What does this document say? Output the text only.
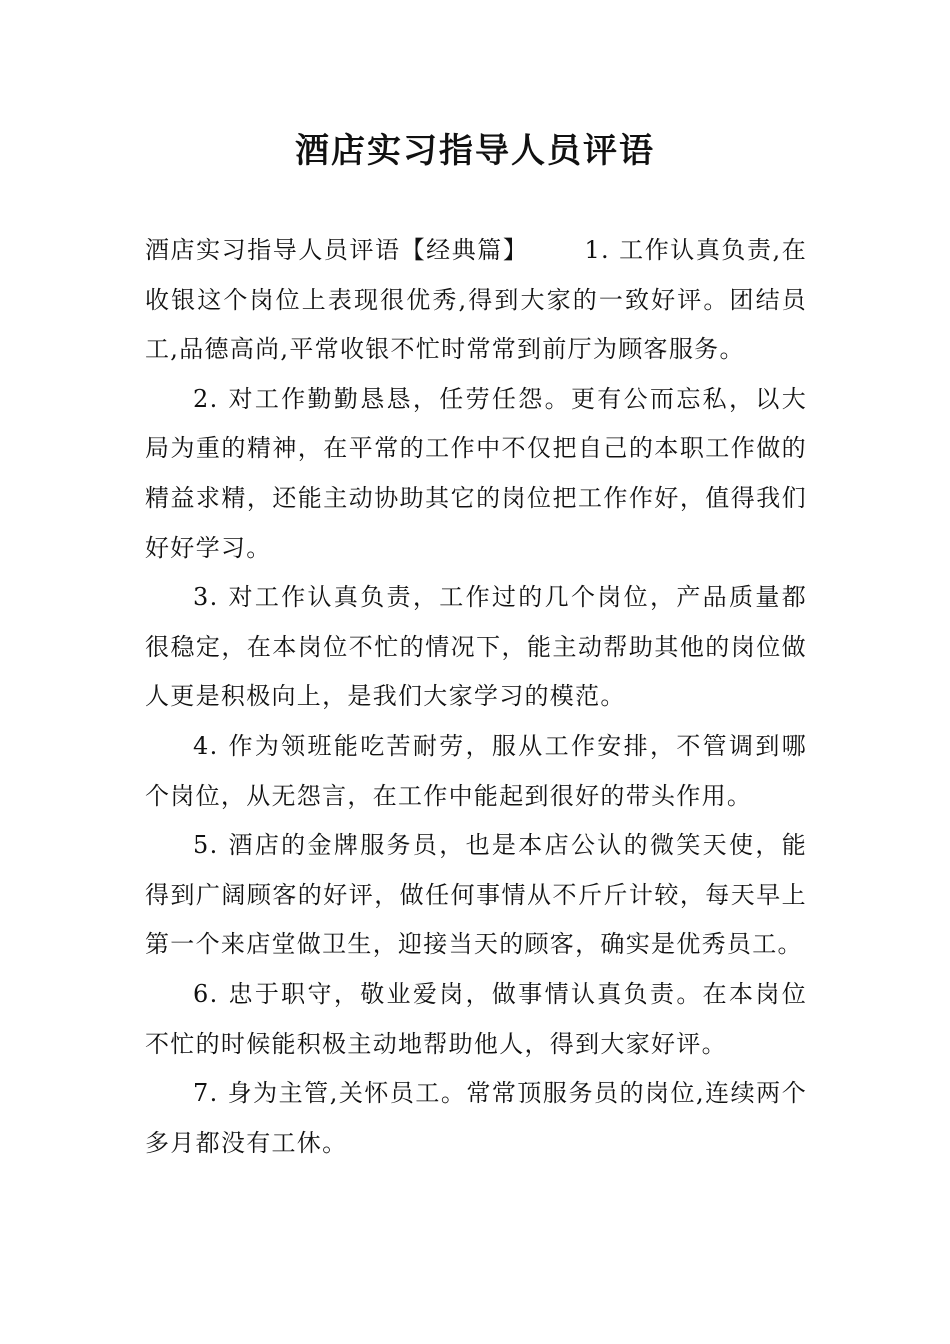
酒店实习指导人员评语

酒店实习指导人员评语【经典篇】 1. 工作认真负责,在收银这个岗位上表现很优秀,得到大家的一致好评。团结员工,品德高尚,平常收银不忙时常常到前厅为顾客服务。

2. 对工作勤勤恳恳，任劳任怨。更有公而忘私，以大局为重的精神，在平常的工作中不仅把自己的本职工作做的精益求精，还能主动协助其它的岗位把工作作好，值得我们好好学习。

3. 对工作认真负责，工作过的几个岗位，产品质量都很稳定，在本岗位不忙的情况下，能主动帮助其他的岗位做人更是积极向上，是我们大家学习的模范。

4. 作为领班能吃苦耐劳，服从工作安排，不管调到哪个岗位，从无怨言，在工作中能起到很好的带头作用。

5. 酒店的金牌服务员，也是本店公认的微笑天使，能得到广阔顾客的好评，做任何事情从不斤斤计较，每天早上第一个来店堂做卫生，迎接当天的顾客，确实是优秀员工。

6. 忠于职守，敬业爱岗，做事情认真负责。在本岗位不忙的时候能积极主动地帮助他人，得到大家好评。

7. 身为主管,关怀员工。常常顶服务员的岗位,连续两个多月都没有工休。
